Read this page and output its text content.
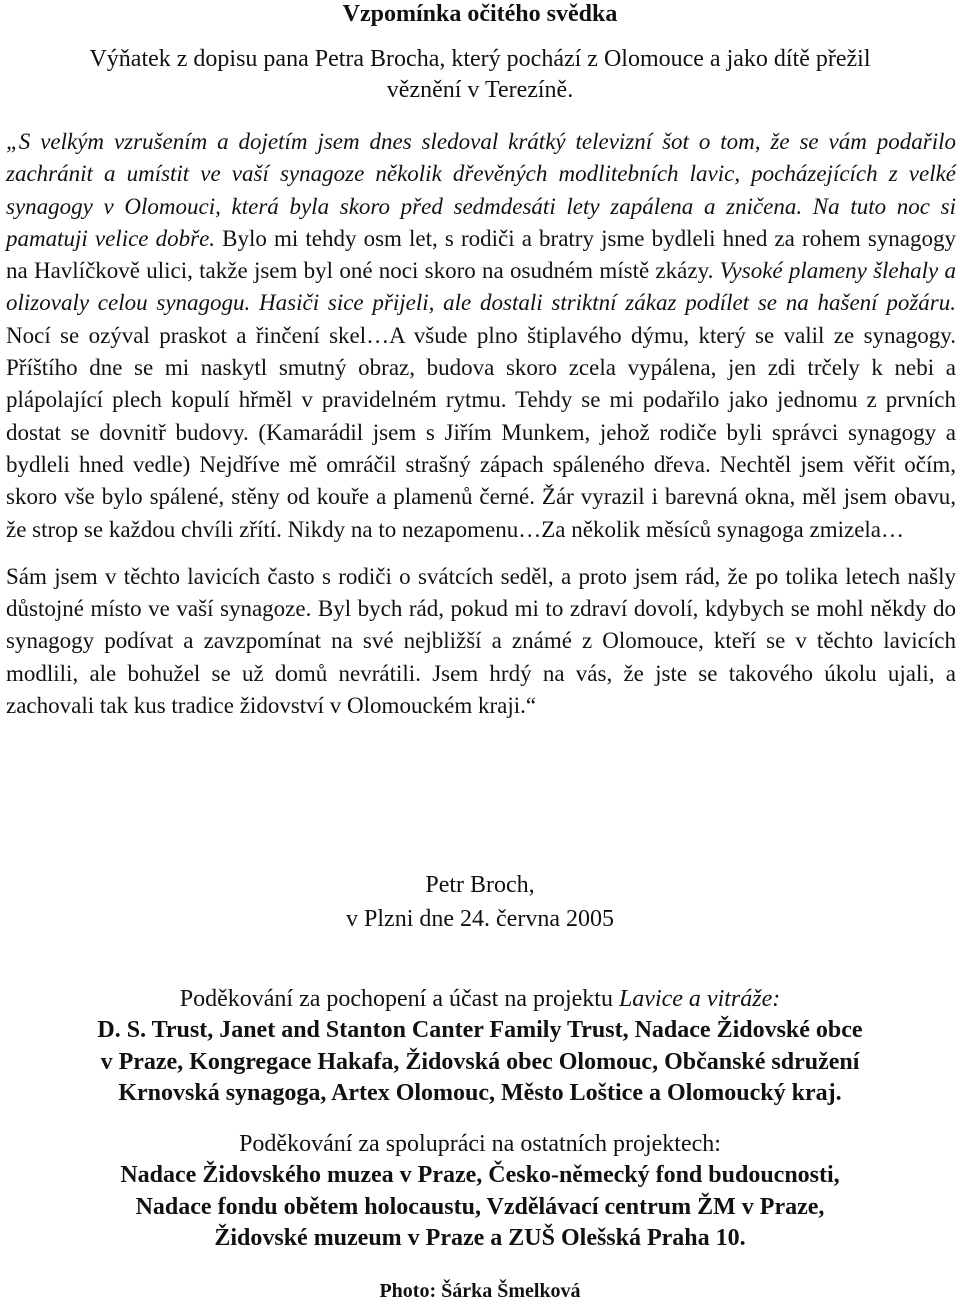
Vzpomínka očitého svědka
Výňatek z dopisu pana Petra Brocha, který pochází z Olomouce a jako dítě přežil
věznění v Terezíně.

„S velkým vzrušením a dojetím jsem dnes sledoval krátký televizní šot o tom, že se vám podařilo zachránit a umístit ve vaší synagoze několik dřevěných modlitebních lavic, pocházejících z velké synagogy v Olomouci, která byla skoro před sedmdesáti lety zapálena a zničena. Na tuto noc si pamatuji velice dobře. Bylo mi tehdy osm let, s rodiči a bratry jsme bydleli hned za rohem synagogy na Havlíčkově ulici, takže jsem byl oné noci skoro na osudném místě zkázy. Vysoké plameny šlehaly a olizovaly celou synagogu. Hasiči sice přijeli, ale dostali striktní zákaz podílet se na hašení požáru. Nocí se ozýval praskot a řinčení skel…A všude plno štiplavého dýmu, který se valil ze synagogy. Příštího dne se mi naskytl smutný obraz, budova skoro zcela vypálena, jen zdi trčely k nebi a plápolající plech kopulí hřměl v pravidelném rytmu. Tehdy se mi podařilo jako jednomu z prvních dostat se dovnitř budovy. (Kamarádil jsem s Jiřím Munkem, jehož rodiče byli správci synagogy a bydleli hned vedle) Nejdříve mě omráčil strašný zápach spáleného dřeva. Nechtěl jsem věřit očím, skoro vše bylo spálené, stěny od kouře a plamenů černé. Žár vyrazil i barevná okna, měl jsem obavu, že strop se každou chvíli zřítí. Nikdy na to nezapomenu…Za několik měsíců synagoga zmizela…

Sám jsem v těchto lavicích často s rodiči o svátcích seděl, a proto jsem rád, že po tolika letech našly důstojné místo ve vaší synagoze. Byl bych rád, pokud mi to zdraví dovolí, kdybych se mohl někdy do synagogy podívat a zavzpomínat na své nejbližší a známé z Olomouce, kteří se v těchto lavicích modlili, ale bohužel se už domů nevrátili. Jsem hrdý na vás, že jste se takového úkolu ujali, a zachovali tak kus tradice židovství v Olomouckém kraji.“

Petr Broch,
v Plzni dne 24. června 2005
Poděkování za pochopení a účast na projektu Lavice a vitráže:
D. S. Trust, Janet and Stanton Canter Family Trust, Nadace Židovské obce
v Praze, Kongregace Hakafa, Židovská obec Olomouc, Občanské sdružení
Krnovská synagoga, Artex Olomouc, Město Loštice a Olomoucký kraj.
Poděkování za spolupráci na ostatních projektech:
Nadace Židovského muzea v Praze, Česko-německý fond budoucnosti,
Nadace fondu obětem holocaustu, Vzdělávací centrum ŽM v Praze,
Židovské muzeum v Praze a ZUŠ Olešská Praha 10.
Photo: Šárka Šmelková
